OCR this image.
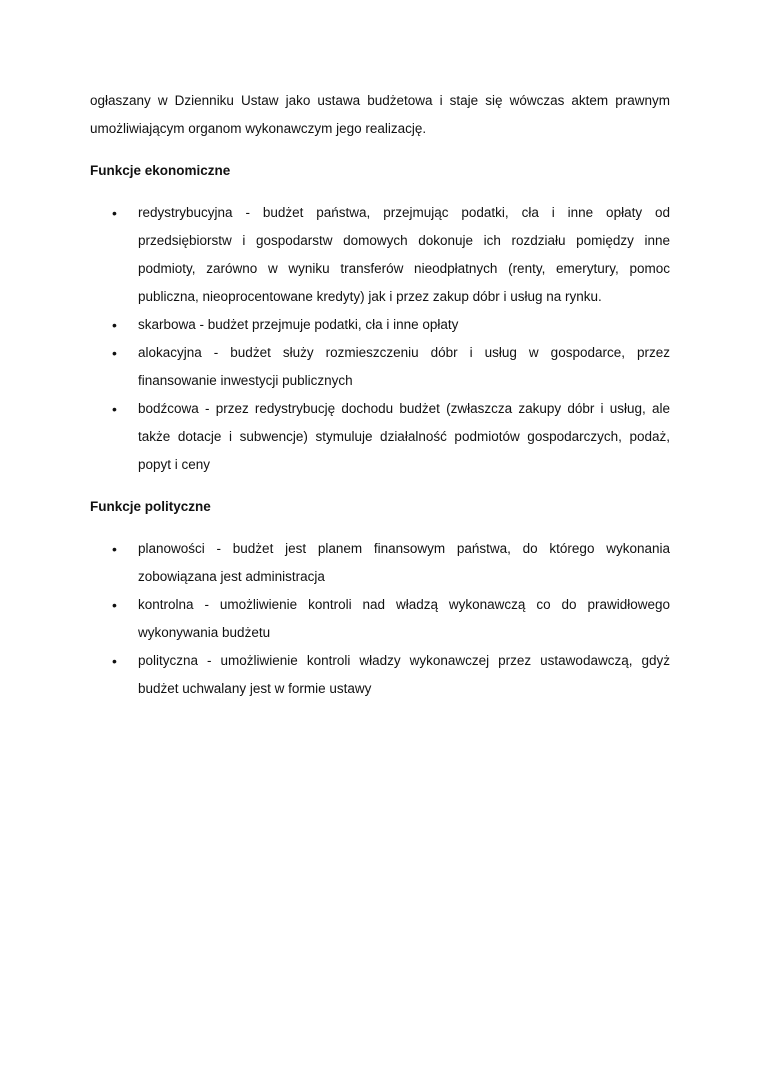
ogłaszany w Dzienniku Ustaw jako ustawa budżetowa i staje się wówczas aktem prawnym umożliwiającym organom wykonawczym jego realizację.

Funkcje ekonomiczne

• redystrybucyjna - budżet państwa, przejmując podatki, cła i inne opłaty od przedsiębiorstw i gospodarstw domowych dokonuje ich rozdziału pomiędzy inne podmioty, zarówno w wyniku transferów nieodpłatnych (renty, emerytury, pomoc publiczna, nieoprocentowane kredyty) jak i przez zakup dóbr i usług na rynku.
• skarbowa - budżet przejmuje podatki, cła i inne opłaty
• alokacyjna - budżet służy rozmieszczeniu dóbr i usług w gospodarce, przez finansowanie inwestycji publicznych
• bodźcowa - przez redystrybucję dochodu budżet (zwłaszcza zakupy dóbr i usług, ale także dotacje i subwencje) stymuluje działalność podmiotów gospodarczych, podaż, popyt i ceny

Funkcje polityczne

• planowości - budżet jest planem finansowym państwa, do którego wykonania zobowiązana jest administracja
• kontrolna - umożliwienie kontroli nad władzą wykonawczą co do prawidłowego wykonywania budżetu
• polityczna - umożliwienie kontroli władzy wykonawczej przez ustawodawczą, gdyż budżet uchwalany jest w formie ustawy
